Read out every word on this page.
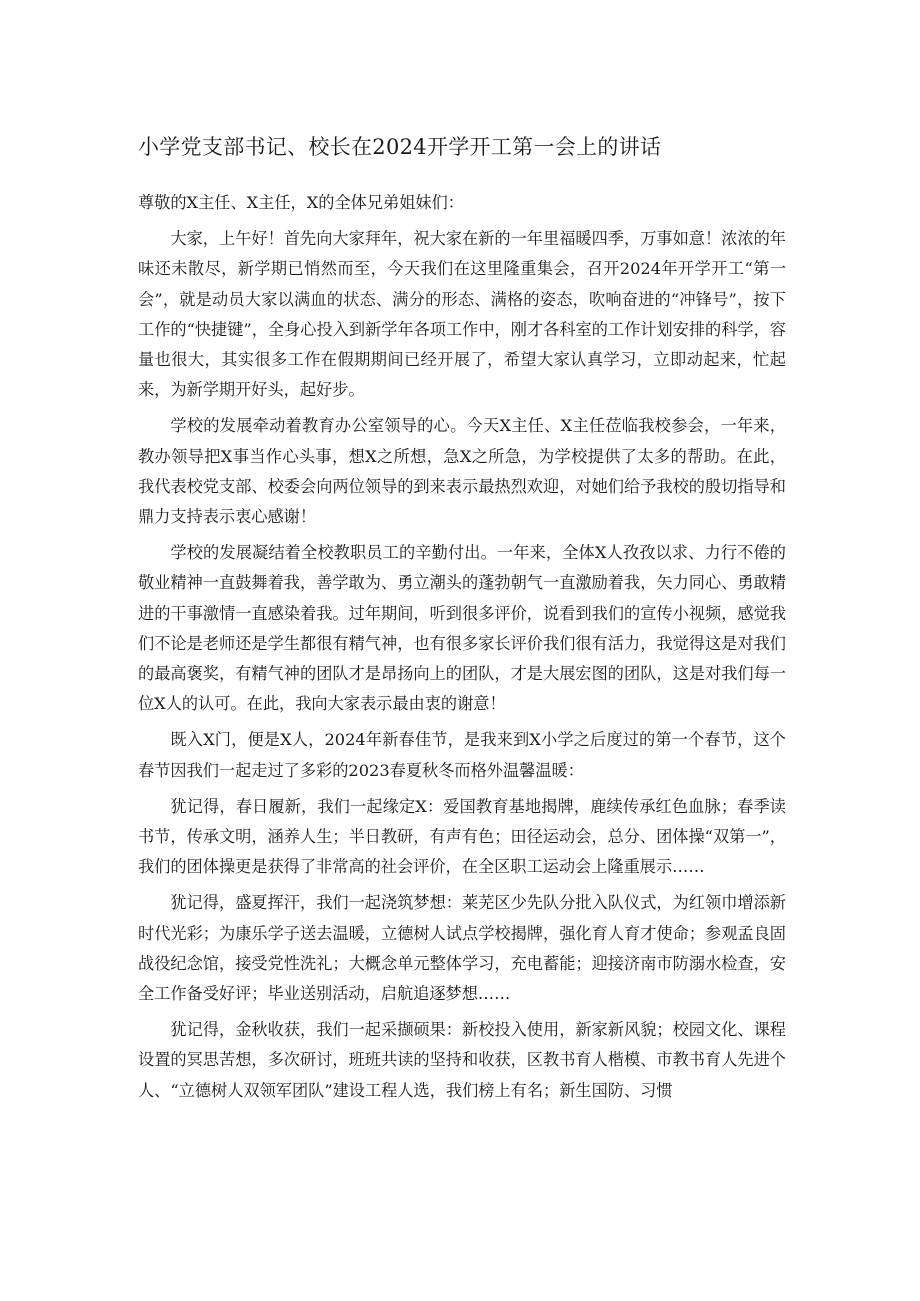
小学党支部书记、校长在2024开学开工第一会上的讲话

尊敬的X主任、X主任，X的全体兄弟姐妹们：

大家，上午好！首先向大家拜年，祝大家在新的一年里福暖四季，万事如意！浓浓的年味还未散尽，新学期已悄然而至，今天我们在这里隆重集会，召开2024年开学开工“第一会”，就是动员大家以满血的状态、满分的形态、满格的姿态，吹响奋进的“冲锋号”，按下工作的“快捷键”，全身心投入到新学年各项工作中，刚才各科室的工作计划安排的科学，容量也很大，其实很多工作在假期期间已经开展了，希望大家认真学习，立即动起来，忙起来，为新学期开好头，起好步。

学校的发展牵动着教育办公室领导的心。今天X主任、X主任莅临我校参会，一年来，教办领导把X事当作心头事，想X之所想，急X之所急，为学校提供了太多的帮助。在此，我代表校党支部、校委会向两位领导的到来表示最热烈欢迎，对她们给予我校的殷切指导和鼎力支持表示衷心感谢！

学校的发展凝结着全校教职员工的辛勤付出。一年来，全体X人孜孜以求、力行不倦的敬业精神一直鼓舞着我，善学敢为、勇立潮头的蓬勃朝气一直激励着我，矢力同心、勇敢精进的干事激情一直感染着我。过年期间，听到很多评价，说看到我们的宣传小视频，感觉我们不论是老师还是学生都很有精气神，也有很多家长评价我们很有活力，我觉得这是对我们的最高褒奖，有精气神的团队才是昂扬向上的团队，才是大展宏图的团队，这是对我们每一位X人的认可。在此，我向大家表示最由衷的谢意！

既入X门，便是X人，2024年新春佳节，是我来到X小学之后度过的第一个春节，这个春节因我们一起走过了多彩的2023春夏秋冬而格外温馨温暖：

犹记得，春日履新，我们一起缘定X：爱国教育基地揭牌，鹿续传承红色血脉；春季读书节，传承文明，涵养人生；半日教研，有声有色；田径运动会，总分、团体操“双第一”，我们的团体操更是获得了非常高的社会评价，在全区职工运动会上隆重展示……

犹记得，盛夏挥汗，我们一起浇筑梦想：莱芜区少先队分批入队仪式，为红领巾增添新时代光彩；为康乐学子送去温暖，立德树人试点学校揭牌，强化育人育才使命；参观孟良固战役纪念馆，接受党性洗礼；大概念单元整体学习，充电蓄能；迎接济南市防溺水检查，安全工作备受好评；毕业送别活动，启航追逐梦想……

犹记得，金秋收获，我们一起采撷硕果：新校投入使用，新家新风貌；校园文化、课程设置的冥思苦想，多次研讨，班班共读的坚持和收获，区教书育人楷模、市教书育人先进个人、“立德树人双领军团队”建设工程人选，我们榜上有名；新生国防、习惯
